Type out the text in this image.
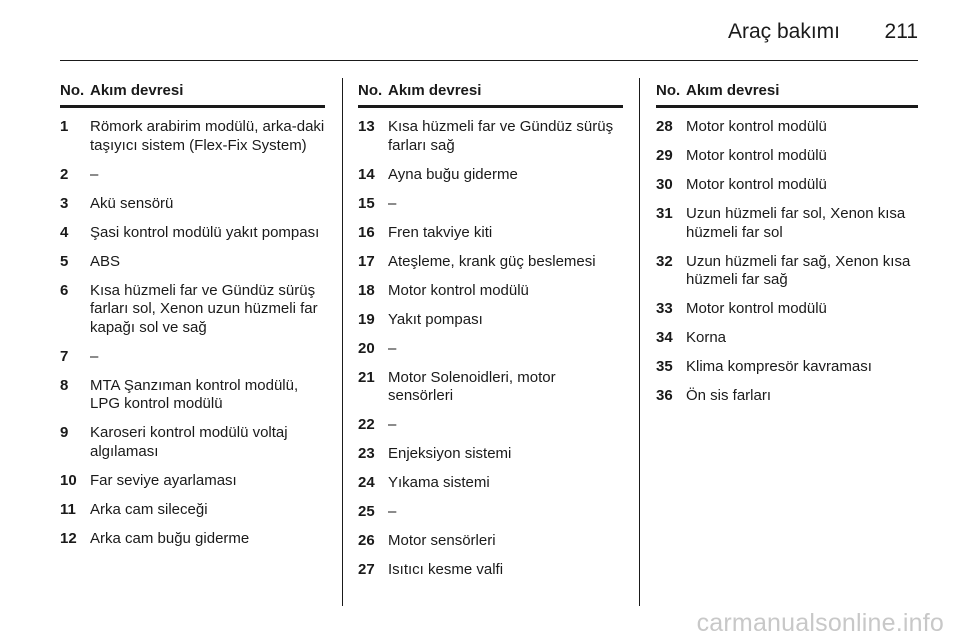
Araç bakımı 211
No. Akım devresi
1	Römork arabirim modülü, arka-daki taşıyıcı sistem (Flex-Fix System)
2	–
3	Akü sensörü
4	Şasi kontrol modülü yakıt pompası
5	ABS
6	Kısa hüzmeli far ve Gündüz sürüş farları sol, Xenon uzun hüzmeli far kapağı sol ve sağ
7	–
8	MTA Şanzıman kontrol modülü, LPG kontrol modülü
9	Karoseri kontrol modülü voltaj algılaması
10 Far seviye ayarlaması
11 Arka cam sileceği
12 Arka cam buğu giderme
No. Akım devresi
13 Kısa hüzmeli far ve Gündüz sürüş farları sağ
14 Ayna buğu giderme
15 –
16 Fren takviye kiti
17 Ateşleme, krank güç beslemesi
18 Motor kontrol modülü
19 Yakıt pompası
20 –
21 Motor Solenoidleri, motor sensörleri
22 –
23 Enjeksiyon sistemi
24 Yıkama sistemi
25 –
26 Motor sensörleri
27 Isıtıcı kesme valfi
No. Akım devresi
28 Motor kontrol modülü
29 Motor kontrol modülü
30 Motor kontrol modülü
31 Uzun hüzmeli far sol, Xenon kısa hüzmeli far sol
32 Uzun hüzmeli far sağ, Xenon kısa hüzmeli far sağ
33 Motor kontrol modülü
34 Korna
35 Klima kompresör kavraması
36 Ön sis farları
carmanualsonline.info
